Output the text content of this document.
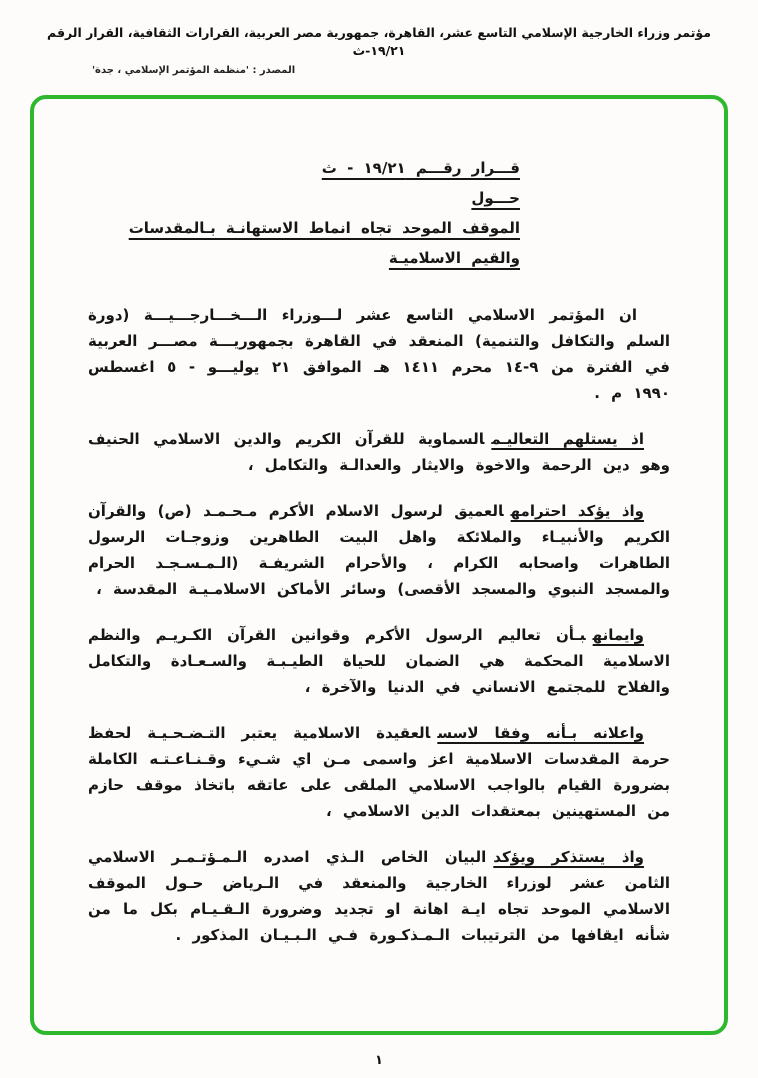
مؤتمر وزراء الخارجية الإسلامي التاسع عشر، القاهرة، جمهورية مصر العربية، القرارات الثقافية، القرار الرقم ١٩/٢١-ث
المصدر : 'منظمة المؤتمر الإسلامي ، جدة'
قـــرار رقـــم ١٩/٢١ - ث
حـــول
الموقف الموحد تجاه انماط الاستهانـة بـالمقدسات
والقيم الاسلاميـة

ان المؤتمر الاسلامي التاسع عشر لـــوزراء الـــخـــارجـــيـــة (دورة السلم والتكافل والتنمية) المنعقد في القاهرة بجمهوريـــة مصـــر العربية في الفترة من ٩-١٤ محرم ١٤١١ هـ الموافق ٢١ يوليـــو - ٥ اغسطس ١٩٩٠ م .

اذ يستلهم التعاليـمالسماوية للقرآن الكريم والدين الاسلامي الحنيف وهو دين الرحمة والاخوة والايثار والعدالـة والتكامل ،

واذ يؤكد احترامهالعميق لرسول الاسلام الأكرم مـحـمـد (ص) والقرآن الكريم والأنبيـاء والملائكة واهل البيت الطاهرين وزوجـات الرسول الطاهرات واصحابه الكرام ، والأحرام الشريفـة (الـمـسـجـد الحرام والمسجد النبوي والمسجد الأقصى) وسائر الأماكن الاسلامـيـة المقدسة ،

وايمانهبـأن تعاليم الرسول الأكرم وقوانين القرآن الكـريـم والنظم الاسلامية المحكمة هي الضمان للحياة الطيـبـة والسـعـادة والتكامل والفلاح للمجتمع الانساني في الدنيا والآخرة ،

واعلانه بـأنه وفقا لاسسالعقيدة الاسلامية يعتبر التـضـحـيـة لحفظ حرمة المقدسات الاسلامية اعز واسمى مـن اي شـيء وقـنـاعـتـه الكاملة بضرورة القيام بالواجب الاسلامي الملقى على عاتقه باتخاذ موقف حازم من المستهينين بمعتقدات الدين الاسلامي ،

واذ يستذكر ويؤكدالبيان الخاص الـذي اصدره الـمـؤتـمـر الاسلامي الثامن عشر لوزراء الخارجية والمنعقد في الـرياض حـول الموقف الاسلامي الموحد تجاه ايـة اهانة او تجديد وضرورة الـقـيـام بكل ما من شأنه ايقافها من الترتيبات الـمـذكـورة فـي الـبـيـان المذكور .

١
